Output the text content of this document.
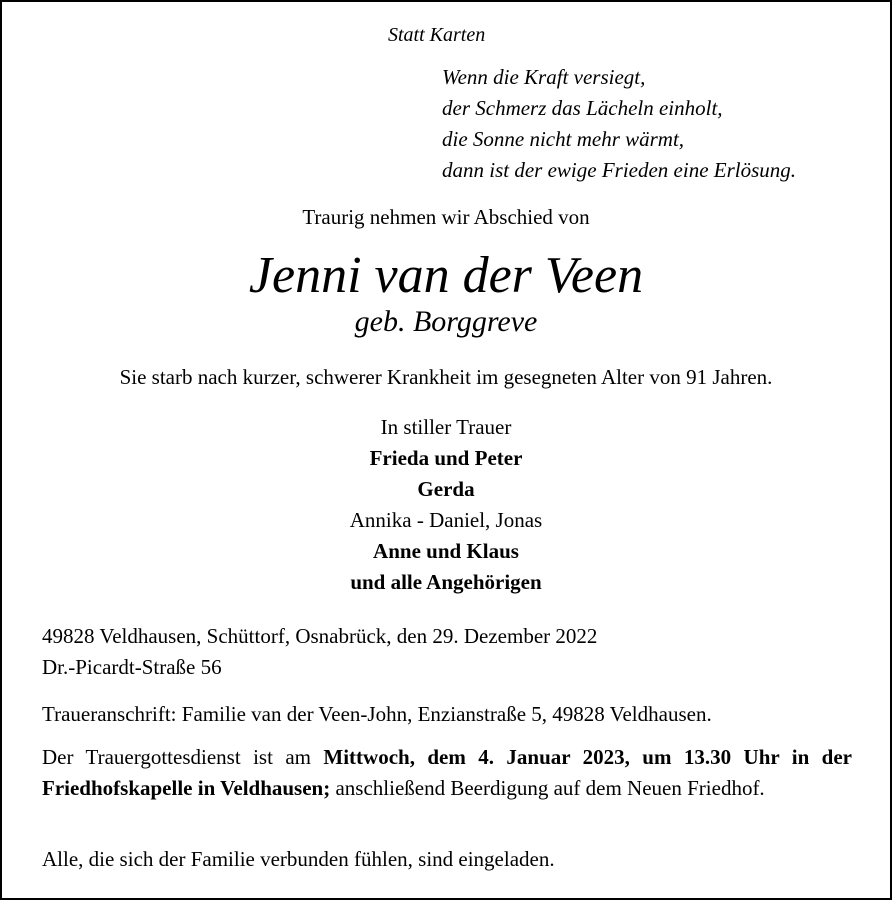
Statt Karten
Wenn die Kraft versiegt,
der Schmerz das Lächeln einholt,
die Sonne nicht mehr wärmt,
dann ist der ewige Frieden eine Erlösung.
Traurig nehmen wir Abschied von
Jenni van der Veen
geb. Borggreve
Sie starb nach kurzer, schwerer Krankheit im gesegneten Alter von 91 Jahren.
In stiller Trauer
Frieda und Peter
Gerda
Annika - Daniel, Jonas
Anne und Klaus
und alle Angehörigen
49828 Veldhausen, Schüttorf, Osnabrück, den 29. Dezember 2022
Dr.-Picardt-Straße 56
Traueranschrift: Familie van der Veen-John, Enzianstraße 5, 49828 Veldhausen.
Der Trauergottesdienst ist am Mittwoch, dem 4. Januar 2023, um 13.30 Uhr in der Friedhofskapelle in Veldhausen; anschließend Beerdigung auf dem Neuen Friedhof.
Alle, die sich der Familie verbunden fühlen, sind eingeladen.
